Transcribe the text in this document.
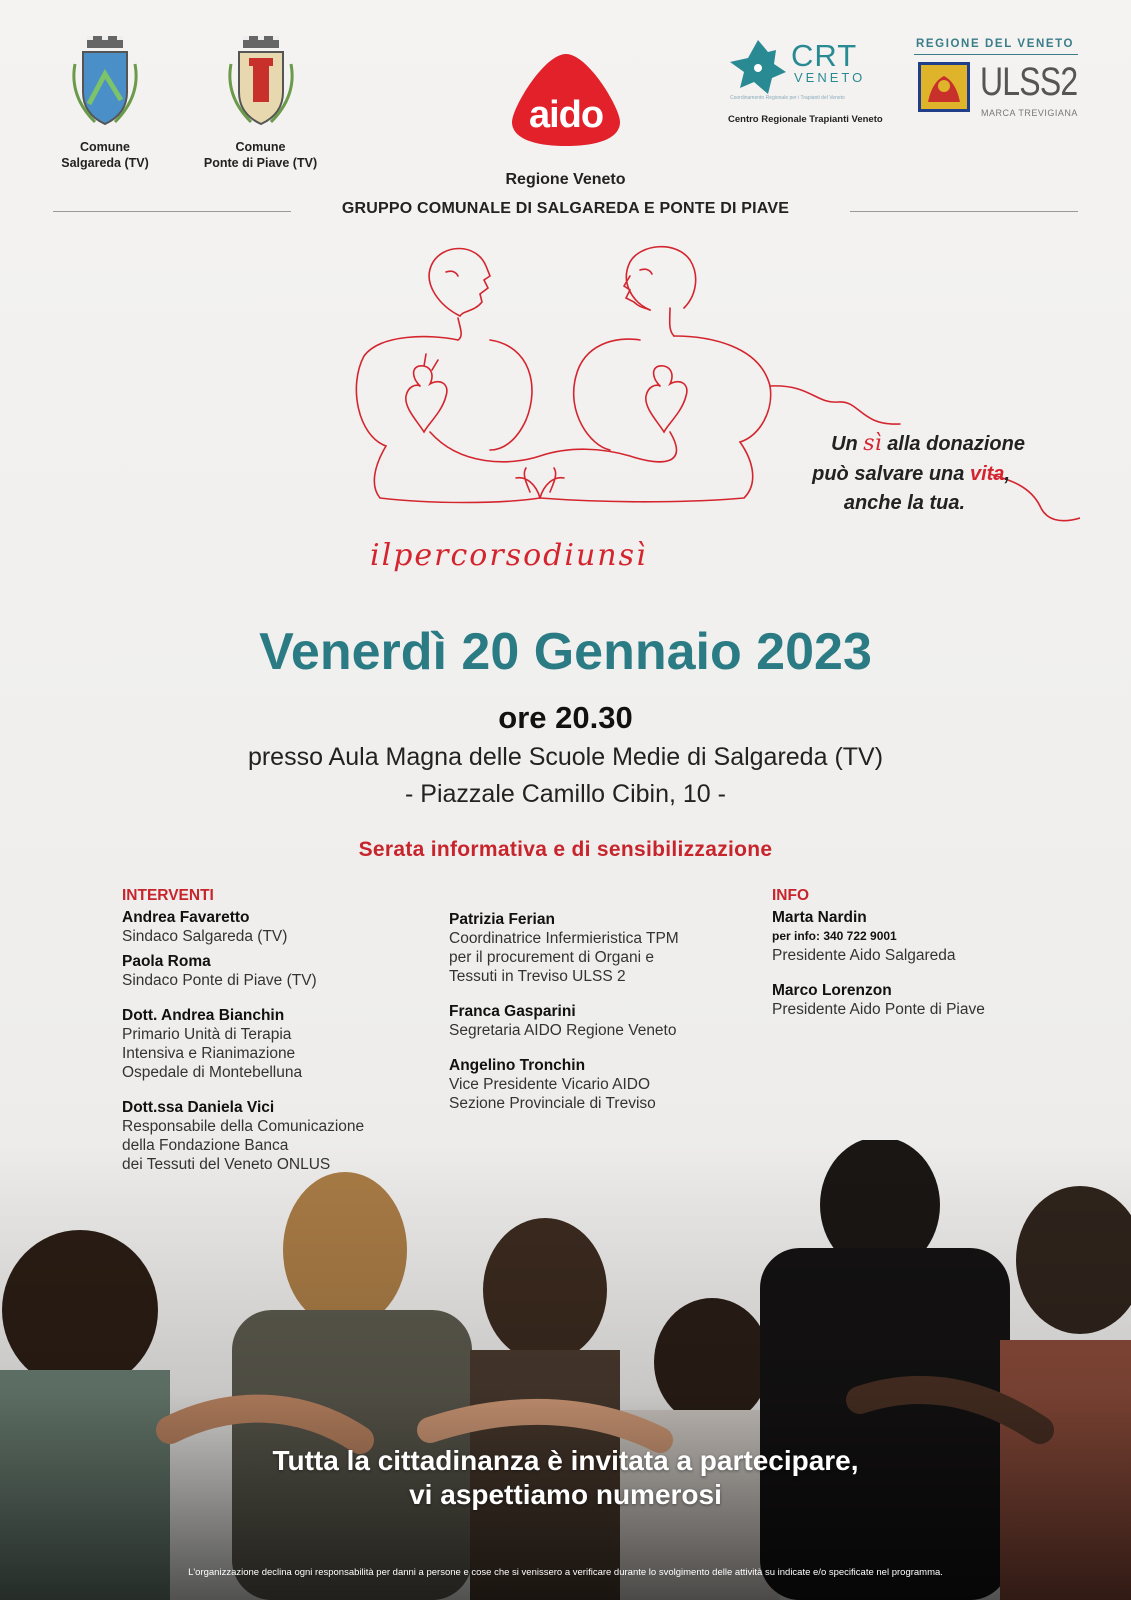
Comune
Salgareda (TV)
Comune
Ponte di Piave (TV)
aido
CRT
VENETO
Coordinamento Regionale per i Trapianti del Veneto
Centro Regionale Trapianti Veneto
REGIONE DEL VENETO
ULSS2
MARCA TREVIGIANA
Regione Veneto
GRUPPO COMUNALE DI SALGAREDA E PONTE DI PIAVE
Un sì alla donazione
può salvare una vita,
anche la tua.
ilpercorsodiunsì
Venerdì 20 Gennaio 2023
ore 20.30
presso Aula Magna delle Scuole Medie di Salgareda (TV)
- Piazzale Camillo Cibin, 10 -
Serata informativa e di sensibilizzazione
INTERVENTI
Andrea Favaretto
Sindaco Salgareda (TV)
Paola Roma
Sindaco Ponte di Piave (TV)
Dott. Andrea Bianchin
Primario Unità di Terapia
Intensiva e Rianimazione
Ospedale di Montebelluna
Dott.ssa Daniela Vici
Responsabile della Comunicazione
Patrizia Ferian
Coordinatrice Infermieristica TPM
per il procurement di Organi e
Tessuti in Treviso ULSS 2
Franca Gasparini
Segretaria AIDO Regione Veneto
Angelino Tronchin
Vice Presidente Vicario AIDO
Sezione Provinciale di Treviso
INFO
Marta Nardin
per info: 340 722 9001
Presidente Aido Salgareda
Marco Lorenzon
Presidente Aido Ponte di Piave
Tutta la cittadinanza è invitata a partecipare,
vi aspettiamo numerosi
L'organizzazione declina ogni responsabilità per danni a persone e cose che si venissero a verificare durante lo svolgimento delle attività su indicate e/o specificate nel programma.
